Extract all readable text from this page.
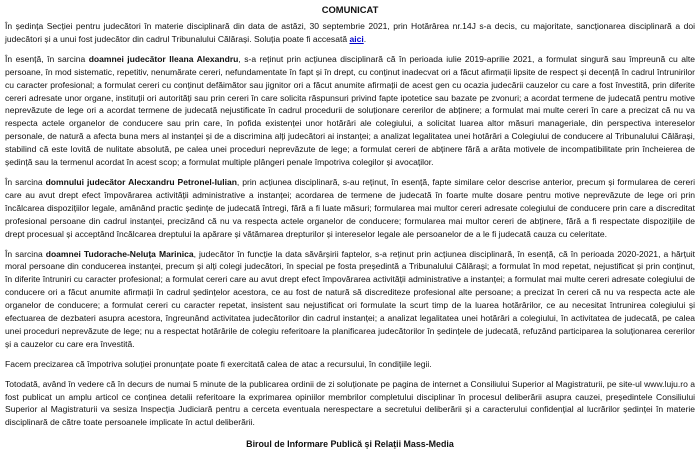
COMUNICAT

În ședința Secției pentru judecători în materie disciplinară din data de astăzi, 30 septembrie 2021, prin Hotărârea nr.14J s-a decis, cu majoritate, sancționarea disciplinară a doi judecători și a unui fost judecător din cadrul Tribunalului Călărași. Soluția poate fi accesată aici.

În esență, în sarcina doamnei judecător Ileana Alexandru, s-a reținut prin acțiunea disciplinară că în perioada iulie 2019-aprilie 2021, a formulat singură sau împreună cu alte persoane, în mod sistematic, repetitiv, nenumărate cereri, nefundamentate în fapt și în drept, cu conținut inadecvat ori a făcut afirmații lipsite de respect și decență în cadrul întrunirilor cu caracter profesional; a formulat cereri cu conținut defăimător sau jignitor ori a făcut anumite afirmații de acest gen cu ocazia judecării cauzelor cu care a fost învestită, prin diferite cereri adresate unor organe, instituții ori autorități sau prin cereri în care solicita răspunsuri privind fapte ipotetice sau bazate pe zvonuri; a acordat termene de judecată pentru motive neprevăzute de lege ori a acordat termene de judecată nejustificate în cadrul procedurii de soluționare cererilor de abținere; a formulat mai multe cereri în care a precizat că nu va respecta actele organelor de conducere sau prin care, în pofida existenței unor hotărâri ale colegiului, a solicitat luarea altor măsuri manageriale, din perspectiva intereselor personale, de natură a afecta buna mers al instanței și de a discrimina alți judecători ai instanței; a analizat legalitatea unei hotărâri a Colegiului de conducere al Tribunalului Călărași, stabilind că este lovită de nulitate absolută, pe calea unei proceduri neprevăzute de lege; a formulat cereri de abținere fără a arăta motivele de incompatibilitate prin încheierea de ședință sau la termenul acordat în acest scop; a formulat multiple plângeri penale împotriva colegilor și avocaților.

În sarcina domnului judecător Alecxandru Petronel-Iulian, prin acțiunea disciplinară, s-au reținut, în esență, fapte similare celor descrise anterior, precum și formularea de cereri care au avut drept efect împovărarea activității administrative a instanței; acordarea de termene de judecată în foarte multe dosare pentru motive neprevăzute de lege ori prin încălcarea dispozițiilor legale, amânând practic ședințe de judecată întregi, fără a fi luate măsuri; formularea mai multor cereri adresate colegiului de conducere prin care a discreditat profesional persoane din cadrul instanței, precizând că nu va respecta actele organelor de conducere; formularea mai multor cereri de abținere, fără a fi respectate dispozițiile de drept procesual și acceptând încălcarea dreptului la apărare și vătămarea drepturilor și intereselor legale ale persoanelor de a le fi judecată cauza cu celeritate.

În sarcina doamnei Tudorache-Neluța Marinica, judecător în funcție la data săvârșirii faptelor, s-a reținut prin acțiunea disciplinară, în esență, că în perioada 2020-2021, a hărțuit moral persoane din conducerea instanței, precum și alți colegi judecători, în special pe fosta președintă a Tribunalului Călărași; a formulat în mod repetat, nejustificat și prin conținut, în diferite întruniri cu caracter profesional; a formulat cereri care au avut drept efect împovărarea activității administrative a instanței; a formulat mai multe cereri adresate colegiului de conducere ori a făcut anumite afirmații în cadrul ședințelor acestora, ce au fost de natură să discrediteze profesional alte persoane; a precizat în cereri că nu va respecta acte ale organelor de conducere; a formulat cereri cu caracter repetat, insistent sau nejustificat ori formulate la scurt timp de la luarea hotărârilor, ce au necesitat întrunirea colegiului și efectuarea de dezbateri asupra acestora, îngreunând activitatea judecătorilor din cadrul instanței; a analizat legalitatea unei hotărâri a colegiului, în activitatea de judecată, pe calea unei proceduri neprevăzute de lege; nu a respectat hotărârile de colegiu referitoare la planificarea judecătorilor în ședințele de judecată, refuzând participarea la soluționarea cererilor și a cauzelor cu care era învestită.

Facem precizarea că împotriva soluției pronunțate poate fi exercitată calea de atac a recursului, în condițiile legii.

Totodată, având în vedere că în decurs de numai 5 minute de la publicarea ordinii de zi soluționate pe pagina de internet a Consiliului Superior al Magistraturii, pe site-ul www.luju.ro a fost publicat un amplu articol ce conținea detalii referitoare la exprimarea opiniilor membrilor completului disciplinar în procesul deliberării asupra cauzei, președintele Consiliului Superior al Magistraturii va sesiza Inspecția Judiciară pentru a cerceta eventuala nerespectare a secretului deliberării și a caracterului confidențial al lucrărilor ședinței în materie disciplinară de către toate persoanele implicate în actul deliberării.

Biroul de Informare Publică și Relații Mass-Media
